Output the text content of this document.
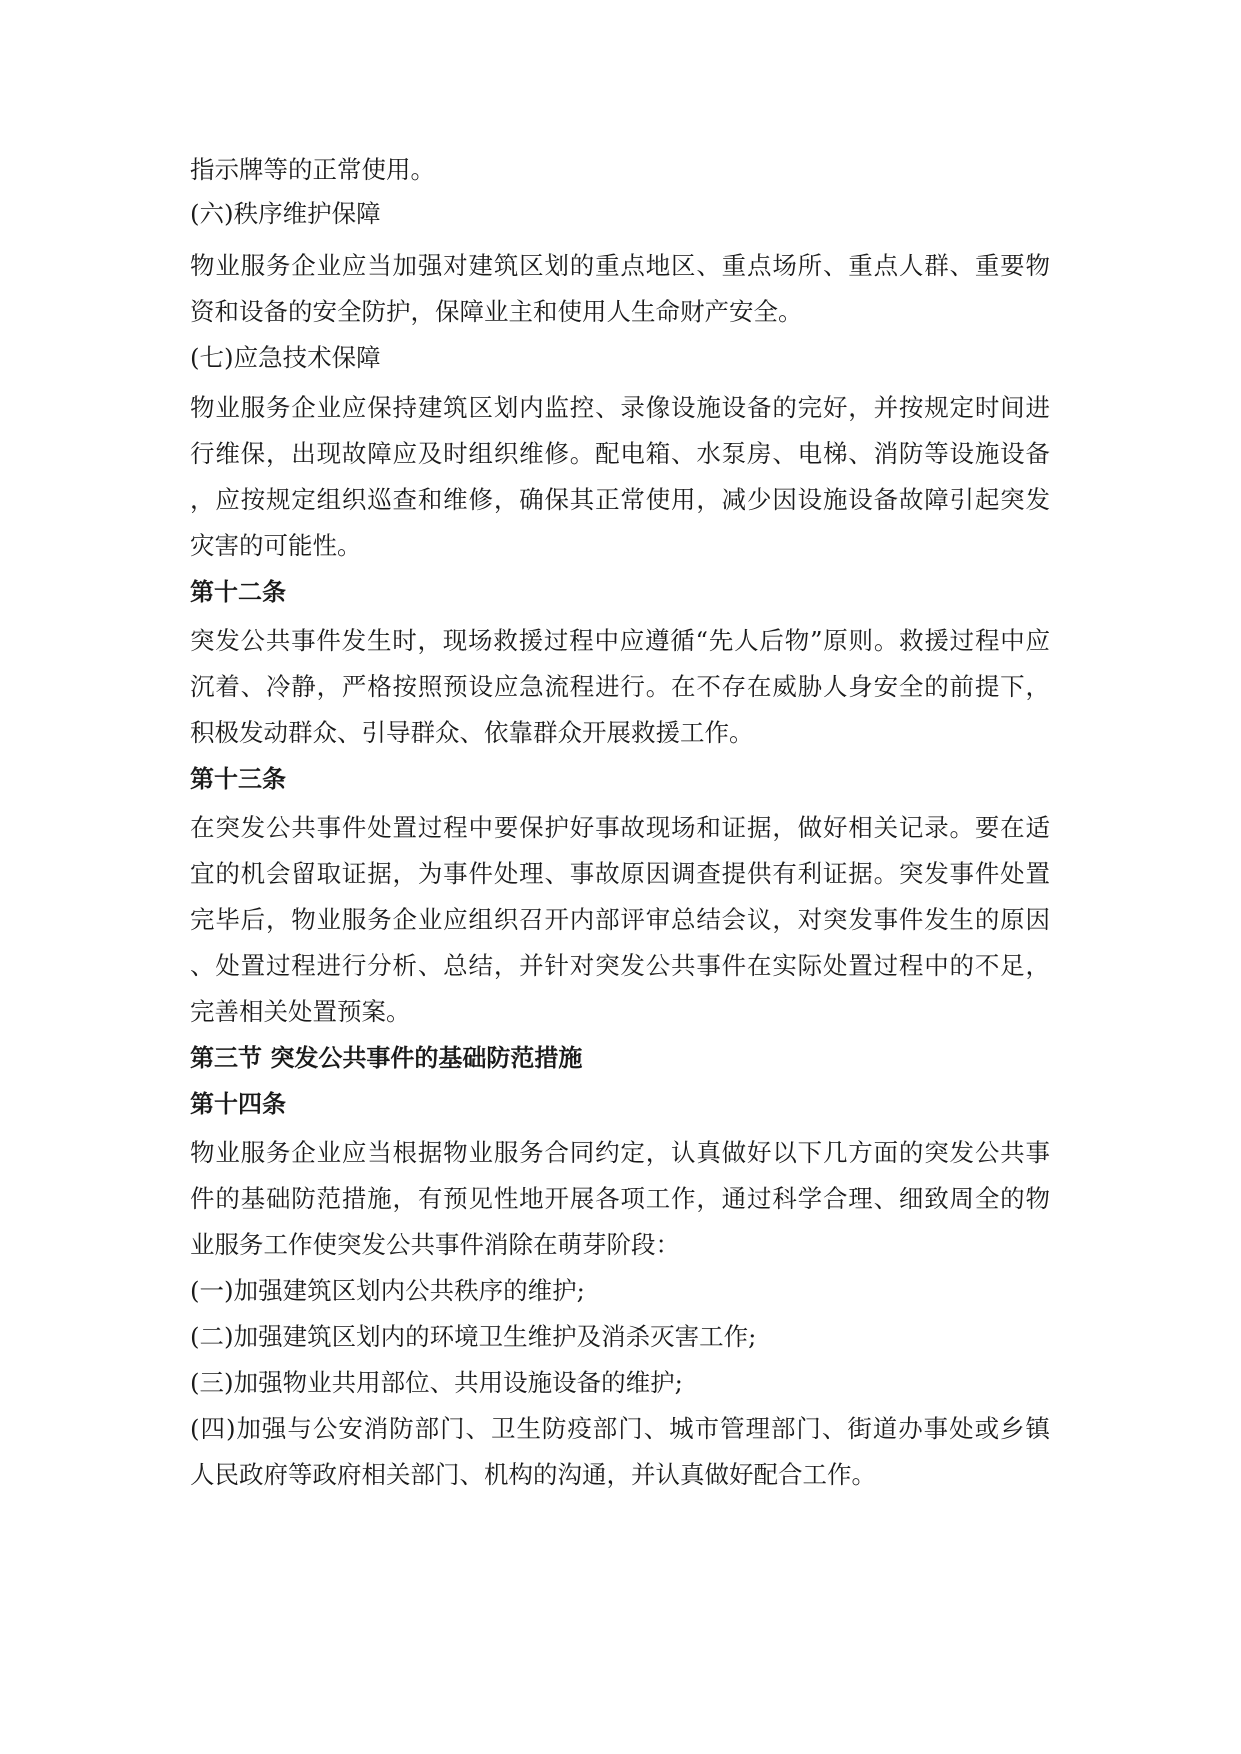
指示牌等的正常使用。
(六)秩序维护保障
物业服务企业应当加强对建筑区划的重点地区、重点场所、重点人群、重要物
资和设备的安全防护，保障业主和使用人生命财产安全。
(七)应急技术保障
物业服务企业应保持建筑区划内监控、录像设施设备的完好，并按规定时间进
行维保，出现故障应及时组织维修。配电箱、水泵房、电梯、消防等设施设备
，应按规定组织巡查和维修，确保其正常使用，减少因设施设备故障引起突发
灾害的可能性。
第十二条
突发公共事件发生时，现场救援过程中应遵循“先人后物”原则。救援过程中应
沉着、冷静，严格按照预设应急流程进行。在不存在威胁人身安全的前提下，
积极发动群众、引导群众、依靠群众开展救援工作。
第十三条
在突发公共事件处置过程中要保护好事故现场和证据，做好相关记录。要在适
宜的机会留取证据，为事件处理、事故原因调查提供有利证据。突发事件处置
完毕后，物业服务企业应组织召开内部评审总结会议，对突发事件发生的原因
、处置过程进行分析、总结，并针对突发公共事件在实际处置过程中的不足，
完善相关处置预案。
第三节 突发公共事件的基础防范措施
第十四条
物业服务企业应当根据物业服务合同约定，认真做好以下几方面的突发公共事
件的基础防范措施，有预见性地开展各项工作，通过科学合理、细致周全的物
业服务工作使突发公共事件消除在萌芽阶段：
(一)加强建筑区划内公共秩序的维护;
(二)加强建筑区划内的环境卫生维护及消杀灭害工作;
(三)加强物业共用部位、共用设施设备的维护;
(四)加强与公安消防部门、卫生防疫部门、城市管理部门、街道办事处或乡镇
人民政府等政府相关部门、机构的沟通，并认真做好配合工作。
